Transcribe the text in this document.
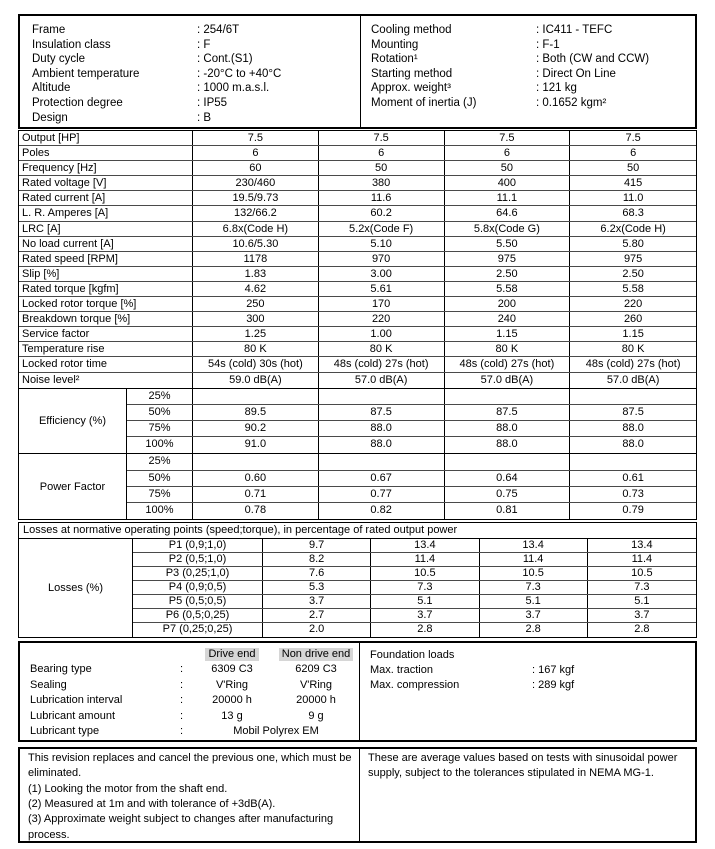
Frame	: 254/6T
Insulation class	: F
Duty cycle	: Cont.(S1)
Ambient temperature	: -20°C to +40°C
Altitude	: 1000 m.a.s.l.
Protection degree	: IP55
Design	: B
Cooling method	: IC411 - TEFC
Mounting	: F-1
Rotation¹	: Both (CW and CCW)
Starting method	: Direct On Line
Approx. weight³	: 121 kg
Moment of inertia (J)	: 0.1652 kgm²
Output [HP]	7.5	7.5	7.5	7.5
Poles	6	6	6	6
Frequency [Hz]	60	50	50	50
Rated voltage [V]	230/460	380	400	415
Rated current [A]	19.5/9.73	11.6	11.1	11.0
L. R. Amperes [A]	132/66.2	60.2	64.6	68.3
LRC [A]	6.8x(Code H)	5.2x(Code F)	5.8x(Code G)	6.2x(Code H)
No load current [A]	10.6/5.30	5.10	5.50	5.80
Rated speed [RPM]	1178	970	975	975
Slip [%]	1.83	3.00	2.50	2.50
Rated torque [kgfm]	4.62	5.61	5.58	5.58
Locked rotor torque [%]	250	170	200	220
Breakdown torque [%]	300	220	240	260
Service factor	1.25	1.00	1.15	1.15
Temperature rise	80 K	80 K	80 K	80 K
Locked rotor time	54s (cold) 30s (hot)	48s (cold) 27s (hot)	48s (cold) 27s (hot)	48s (cold) 27s (hot)
Noise level²	59.0 dB(A)	57.0 dB(A)	57.0 dB(A)	57.0 dB(A)
Efficiency (%)
25%
50%	89.5	87.5	87.5	87.5
75%	90.2	88.0	88.0	88.0
100%	91.0	88.0	88.0	88.0
Power Factor
25%
50%	0.60	0.67	0.64	0.61
75%	0.71	0.77	0.75	0.73
100%	0.78	0.82	0.81	0.79
Losses at normative operating points (speed;torque), in percentage of rated output power
Losses (%)
P1 (0,9;1,0)	9.7	13.4	13.4	13.4
P2 (0,5;1,0)	8.2	11.4	11.4	11.4
P3 (0,25;1,0)	7.6	10.5	10.5	10.5
P4 (0,9;0,5)	5.3	7.3	7.3	7.3
P5 (0,5;0,5)	3.7	5.1	5.1	5.1
P6 (0,5;0,25)	2.7	3.7	3.7	3.7
P7 (0,25;0,25)	2.0	2.8	2.8	2.8
Drive end	Non drive end
Bearing type	:	6309 C3	6209 C3
Sealing	:	V'Ring	V'Ring
Lubrication interval	:	20000 h	20000 h
Lubricant amount	:	13 g	9 g
Lubricant type	:	Mobil Polyrex EM
Foundation loads
Max. traction	: 167 kgf
Max. compression	: 289 kgf
This revision replaces and cancel the previous one, which must be eliminated.
(1) Looking the motor from the shaft end.
(2) Measured at 1m and with tolerance of +3dB(A).
(3) Approximate weight subject to changes after manufacturing process.
These are average values based on tests with sinusoidal power supply, subject to the tolerances stipulated in NEMA MG-1.
